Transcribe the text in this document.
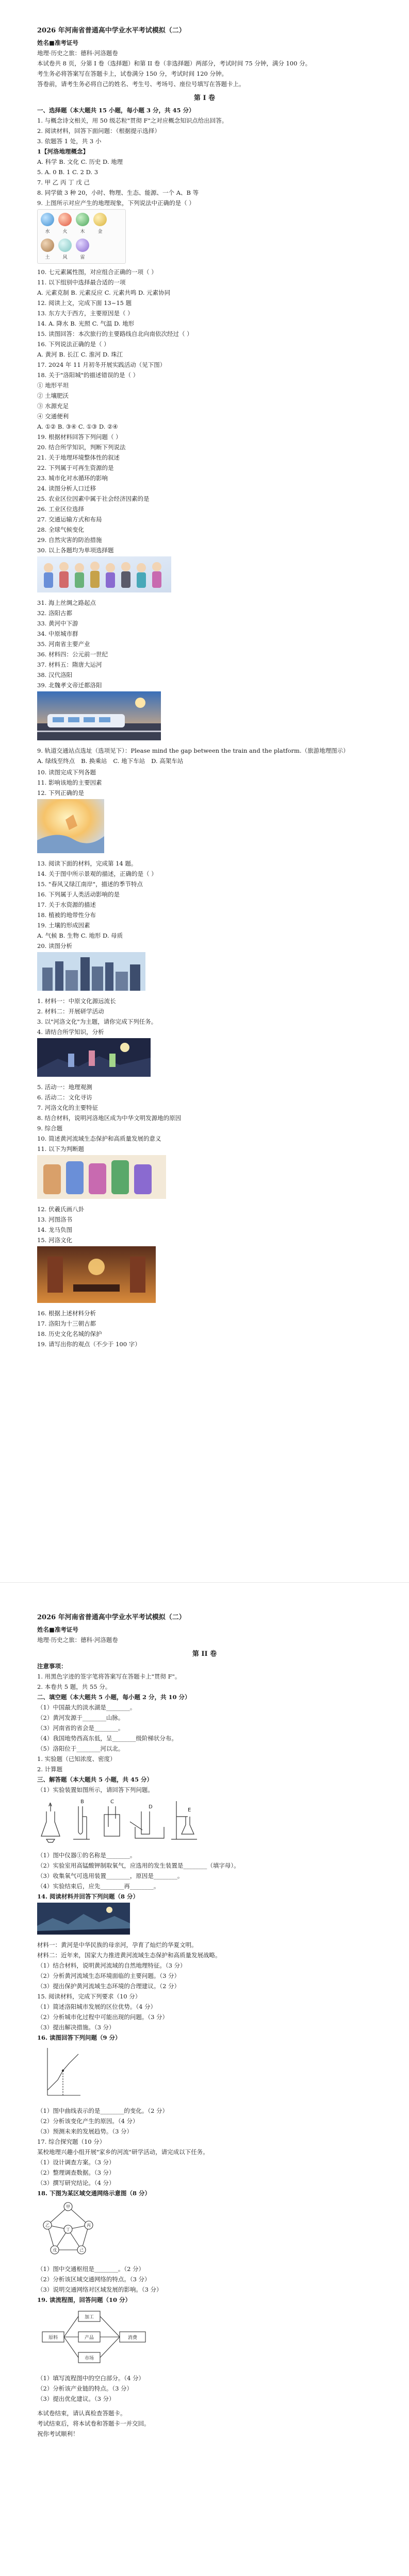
2026 年河南省普通高中学业水平考试模拟（二）
姓名■准考证号
地理·历史之旅：德科·河洛题卷
本试卷共 8 页，分第 I 卷（选择题）和第 II 卷（非选择题）两部分，考试时间 75 分钟，满分 100 分。
考生务必将答案写在答题卡上，试卷满分 150 分，考试时间 120 分钟。
答卷前，请考生务必将自己的姓名、考生号、考场号、座位号填写在答题卡上。
第 I 卷
一、选择题（本大题共 15 小题，每小题 3 分，共 45 分）
1. 与概念诗文相关，用 50 级芯粒"贯彻 F"之对应概念知识点给出回答。
2. 阅读材料，回答下面问题：（根据提示选择）
3. 依题答 1 处，共 3 小
1【河洛地理概念】
A. 科学 B. 文化 C. 历史 D. 地理
5. A. 0 B. 1 C. 2 D. 3
7. 甲 乙 丙 丁 戊 己
8. 同学做 3 种 20，小时、物理、生态、能源、一个 A、B 等
9. 上图所示对应产生的地理现象，下列说法中正确的是（ ）
水	火	木	金
土	风	雷
10. 七元素属性图，对应组合正确的一项（ ）
11. 以下组别中选择最合适的一项
A. 元素克制 B. 元素反应 C. 元素共鸣 D. 元素协同
12. 阅读上文，完成下面 13~15 题
13. 东方大于西方，主要原因是（ ）
14. A. 降水 B. 光照 C. 气温 D. 地形
15. 读图回答：本次旅行的主要路线自北向南依次经过（ ）
16. 下列说法正确的是（ ）
A. 黄河 B. 长江 C. 淮河 D. 珠江
17. 2024 年 11 月初冬开展实践活动（见下图）
18. 关于"洛阳城"的描述错误的是（ ）
① 地形平坦
② 土壤肥沃
③ 水源充足
④ 交通便利
A. ①② B. ③④ C. ①③ D. ②④
19. 根据材料回答下列问题（ ）
20. 结合所学知识，判断下列说法
21. 关于地理环境整体性的叙述
22. 下列属于可再生资源的是
23. 城市化对水循环的影响
24. 读图分析人口迁移
25. 农业区位因素中属于社会经济因素的是
26. 工业区位选择
27. 交通运输方式和布局
28. 全球气候变化
29. 自然灾害的防治措施
30. 以上各题均为单项选择题
31. 海上丝绸之路起点
32. 洛阳古都
33. 黄河中下游
34. 中原城市群
35. 河南省主要产业
36. 材料四：公元前一世纪
37. 材料五：隋唐大运河
38. 汉代洛阳
39. 北魏孝文帝迁都洛阳
9. 轨道交通站点选址（选项见下）：Please mind the gap between the train and the platform.（旅游地理图示）
A. 绿线至终点 B. 换乘站 C. 地下车站 D. 高架车站
10. 读图完成下列各题
11. 影响该地的主要因素
12. 下列正确的是
13. 阅读下面的材料，完成第 14 题。
14. 关于图中所示景观的描述，正确的是（ ）
15. "春风又绿江南岸"，描述的季节特点
16. 下列属于人类活动影响的是
17. 关于水资源的描述
18. 植被的地带性分布
19. 土壤的形成因素
A. 气候 B. 生物 C. 地形 D. 母质
20. 读图分析
1. 材料一：中原文化源远流长
2. 材料二：开展研学活动
3. 以"河洛文化"为主题，请你完成下列任务。
4. 请结合所学知识，分析
5. 活动一：地理观测
6. 活动二：文化寻访
7. 河洛文化的主要特征
8. 结合材料，说明河洛地区成为中华文明发源地的原因
9. 综合题
10. 简述黄河流域生态保护和高质量发展的意义
11. 以下为判断题
12. 伏羲氏画八卦
13. 河图洛书
14. 龙马负图
15. 河洛文化
16. 根据上述材料分析
17. 洛阳为十三朝古都
18. 历史文化名城的保护
19. 请写出你的观点（不少于 100 字）
2026 年河南省普通高中学业水平考试模拟（二）
姓名■准考证号
地理·历史之旅：德科·河洛题卷
第 II 卷
注意事项：
1. 用黑色字迹的签字笔将答案写在答题卡上"贯彻 F"。
2. 本卷共 5 题，共 55 分。
二、填空题（本大题共 5 小题，每小题 2 分，共 10 分）
（1）中国最大的淡水湖是________。
（2）黄河发源于________山脉。
（3）河南省的省会是________。
（4）我国地势西高东低，呈________级阶梯状分布。
（5）洛阳位于________河以北。
1. 实验题（已知浓度、密度）
2. 计算题
三、解答题（本大题共 5 小题，共 45 分）
（1）实验装置如图所示，请回答下列问题。
A
B	C
D
E
（1）图中仪器①的名称是________。
（2）实验室用高锰酸钾制取氧气，应选用的发生装置是________（填字母）。
（3）收集氧气可选用装置________，原因是________。
（4）实验结束后，应先________再________。
14. 阅读材料并回答下列问题（8 分）
材料一：黄河是中华民族的母亲河，孕育了灿烂的华夏文明。
材料二：近年来，国家大力推进黄河流域生态保护和高质量发展战略。
（1）结合材料，说明黄河流域的自然地理特征。（3 分）
（2）分析黄河流域生态环境面临的主要问题。（3 分）
（3）提出保护黄河流域生态环境的合理建议。（2 分）
15. 阅读材料，完成下列要求（10 分）
（1）简述洛阳城市发展的区位优势。（4 分）
（2）分析城市化过程中可能出现的问题。（3 分）
（3）提出解决措施。（3 分）
16. 读图回答下列问题（9 分）
（1）图中曲线表示的是________的变化。（2 分）
（2）分析该变化产生的原因。（4 分）
（3）预测未来的发展趋势。（3 分）
17. 综合探究题（10 分）
某校地理兴趣小组开展"家乡的河流"研学活动，请完成以下任务。
（1）设计调查方案。（3 分）
（2）整理调查数据。（3 分）
（3）撰写研究结论。（4 分）
18. 下图为某区域交通网络示意图（8 分）
甲
乙	丙
丁
戊	己
（1）图中交通枢纽是________。（2 分）
（2）分析该区域交通网络的特点。（3 分）
（3）说明交通网络对区域发展的影响。（3 分）
19. 读流程图，回答问题（10 分）
原料
加工
产品
市场
消费
（1）填写流程图中的空白部分。（4 分）
（2）分析该产业链的特点。（3 分）
（3）提出优化建议。（3 分）
本试卷结束，请认真检查答题卡。
考试结束后，将本试卷和答题卡一并交回。
祝你考试顺利！
